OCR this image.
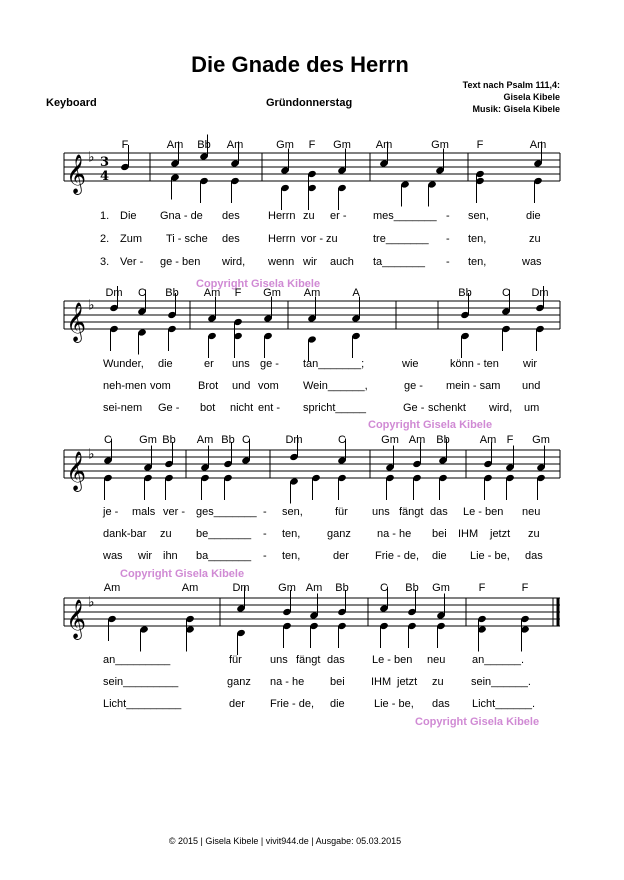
Die Gnade des Herrn
Text nach Psalm 111,4:
Gisela Kibele
Musik: Gisela Kibele
Keyboard	Gründonnerstag
F	Am Bb Am	Gm F Gm Am	Gm	F	Am
1.
2.
3.
Die Gna - de des	Herrn zu er - mes_______ - sen,	die
Zum Ti - sche des	Herrn vor - zu	tre_______ - ten,	zu
Ver - ge - ben wird, wenn wir auch ta_______ - ten,	was
Copyright Gisela Kibele
Dm C Bb Am F Gm Am	A	Bb	C Dm
Wunder, die	er uns ge - tan_______;	wie	könn - ten wir
neh-men vom Brot und vom Wein______,	ge - mein - sam und
sei-nem Ge - bot nicht ent - spricht_____	Ge - schenkt wird, um
Copyright Gisela Kibele
C Gm Bb Am Bb C	Dm	C	Gm Am Bb	Am F Gm
je - mals ver - ges_______ - sen,	für uns fängt das Le - ben neu
dank-bar zu be_______ - ten, ganz na - he bei IHM jetzt zu
was wir ihn ba_______ - ten,	der Frie - de, die Lie - be, das
Copyright Gisela Kibele
Am	Am	Dm	Gm Am Bb	C Bb Gm	F	F
an_________	für	uns fängt das Le - ben neu an______.
sein_________	ganz na - he bei IHM jetzt zu sein______.
Licht_________	der Frie - de, die	Lie - be, das Licht______.
Copyright Gisela Kibele
© 2015 | Gisela Kibele | vivit944.de | Ausgabe: 05.03.2015
𝄞 ♭ 3
4
𝄞 ♭
𝄞 ♭
𝄞 ♭
